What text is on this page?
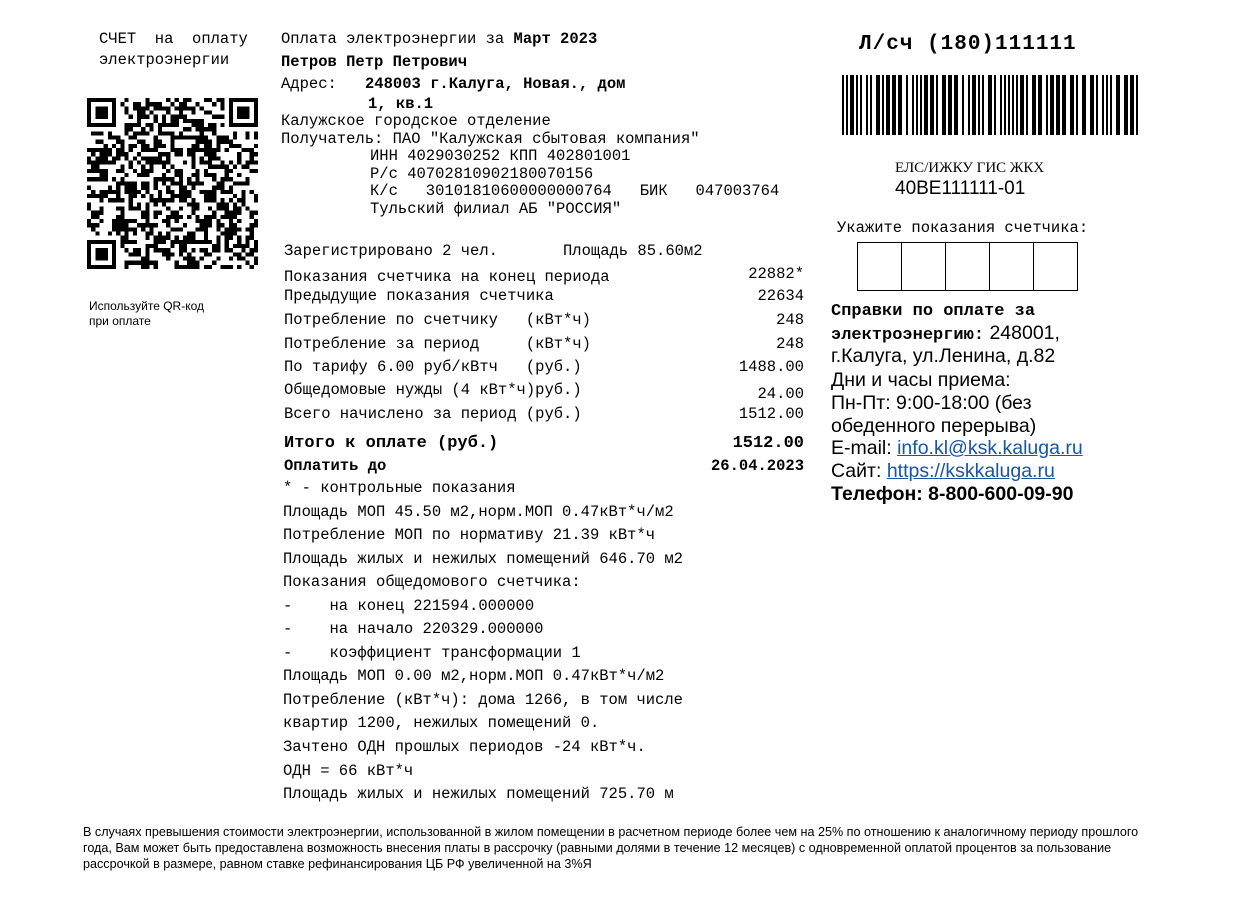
СЧЕТ  на  оплату
электроэнергии
Используйте QR-код
при оплате
Оплата электроэнергии за Март 2023
Петров Петр Петрович
Адрес: 248003 г.Калуга, Новая., дом
1, кв.1
Калужское городское отделение
Получатель: ПАО "Калужская сбытовая компания"
ИНН 4029030252 КПП 402801001
Р/с 40702810902180070156
К/с   30101810600000000764   БИК   047003764
Тульский филиал АБ "РОССИЯ"
Зарегистрировано 2 чел.	Площадь 85.60м2
Показания счетчика на конец периода	22882*
Предыдущие показания счетчика	22634
Потребление по счетчику   (кВт*ч)	248
Потребление за период     (кВт*ч)	248
По тарифу 6.00 руб/кВтч   (руб.)	1488.00
Общедомовые нужды (4 кВт*ч)руб.)	24.00
Всего начислено за период (руб.)	1512.00
Итого к оплате (руб.)	1512.00
Оплатить до	26.04.2023
* - контрольные показания
Площадь МОП 45.50 м2,норм.МОП 0.47кВт*ч/м2
Потребление МОП по нормативу 21.39 кВт*ч
Площадь жилых и нежилых помещений 646.70 м2
Показания общедомового счетчика:
-    на конец 221594.000000
-    на начало 220329.000000
-    коэффициент трансформации 1
Площадь МОП 0.00 м2,норм.МОП 0.47кВт*ч/м2
Потребление (кВт*ч): дома 1266, в том числе
квартир 1200, нежилых помещений 0.
Зачтено ОДН прошлых периодов -24 кВт*ч.
ОДН = 66 кВт*ч
Площадь жилых и нежилых помещений 725.70 м
Л/сч (180)111111
ЕЛС/ИЖКУ ГИС ЖКХ
40ВЕ111111-01
Укажите показания счетчика:
Справки по оплате за
электроэнергию: 248001,
г.Калуга, ул.Ленина, д.82
Дни и часы приема:
Пн-Пт: 9:00-18:00 (без
обеденного перерыва)
E-mail: info.kl@ksk.kaluga.ru
Сайт: https://kskkaluga.ru
Телефон: 8-800-600-09-90
В случаях превышения стоимости электроэнергии, использованной в жилом помещении в расчетном периоде более чем на 25% по отношению к аналогичному периоду прошлого года, Вам может быть предоставлена возможность внесения платы в рассрочку (равными долями в течение 12 месяцев) с одновременной оплатой процентов за пользование рассрочкой в размере, равном ставке рефинансирования ЦБ РФ увеличенной на 3%Я
